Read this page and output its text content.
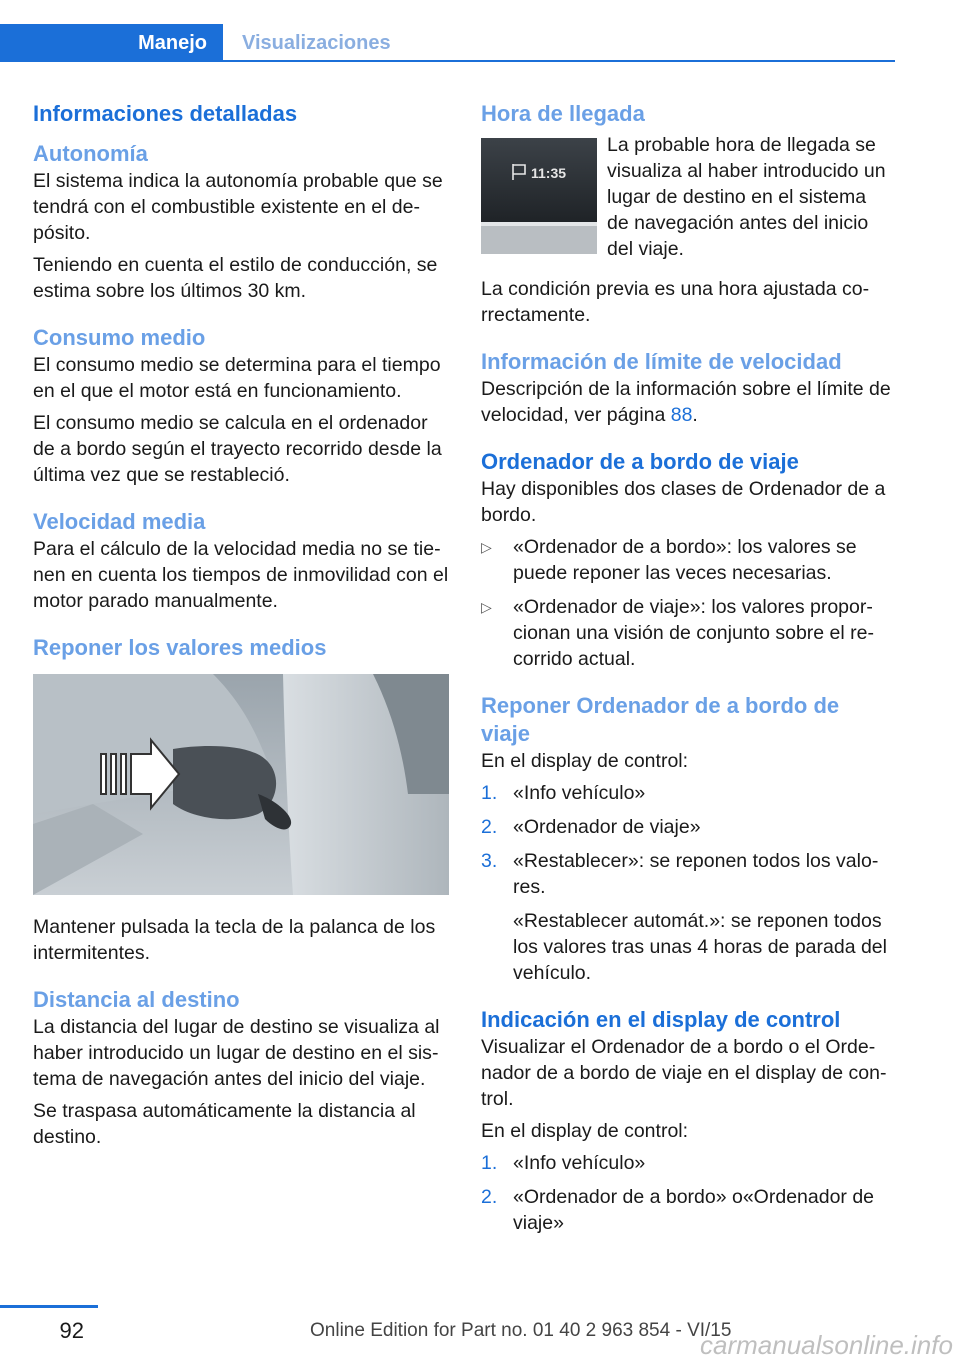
Manejo Visualizaciones
Informaciones detalladas
Autonomía

El sistema indica la autonomía probable que se tendrá con el combustible existente en el depósito.

Teniendo en cuenta el estilo de conducción, se estima sobre los últimos 30 km.

Consumo medio

El consumo medio se determina para el tiempo en el que el motor está en funcionamiento.

El consumo medio se calcula en el ordenador de a bordo según el trayecto recorrido desde la última vez que se restableció.

Velocidad media

Para el cálculo de la velocidad media no se tienen en cuenta los tiempos de inmovilidad con el motor parado manualmente.

Reponer los valores medios

Mantener pulsada la tecla de la palanca de los intermitentes.

Distancia al destino

La distancia del lugar de destino se visualiza al haber introducido un lugar de destino en el sistema de navegación antes del inicio del viaje.

Se traspasa automáticamente la distancia al destino.

Hora de llegada
11:35

La probable hora de llegada se visualiza al haber introducido un lugar de destino en el sistema de navegación antes del inicio del viaje.

La condición previa es una hora ajustada correctamente.

Información de límite de velocidad

Descripción de la información sobre el límite de velocidad, ver página 88.

Ordenador de a bordo de viaje

Hay disponibles dos clases de Ordenador de a bordo.

▷ «Ordenador de a bordo»: los valores se puede reponer las veces necesarias.
▷ «Ordenador de viaje»: los valores proporcionan una visión de conjunto sobre el recorrido actual.
Reponer Ordenador de a bordo de viaje

En el display de control:

1. «Info vehículo»
2. «Ordenador de viaje»
3. «Restablecer»: se reponen todos los valores.

«Restablecer automát.»: se reponen todos los valores tras unas 4 horas de parada del vehículo.

Indicación en el display de control

Visualizar el Ordenador de a bordo o el Ordenador de a bordo de viaje en el display de control.

En el display de control:

1. «Info vehículo»
2. «Ordenador de a bordo» o«Ordenador de viaje»
92	Online Edition for Part no. 01 40 2 963 854 - VI/15
carmanualsonline.info
